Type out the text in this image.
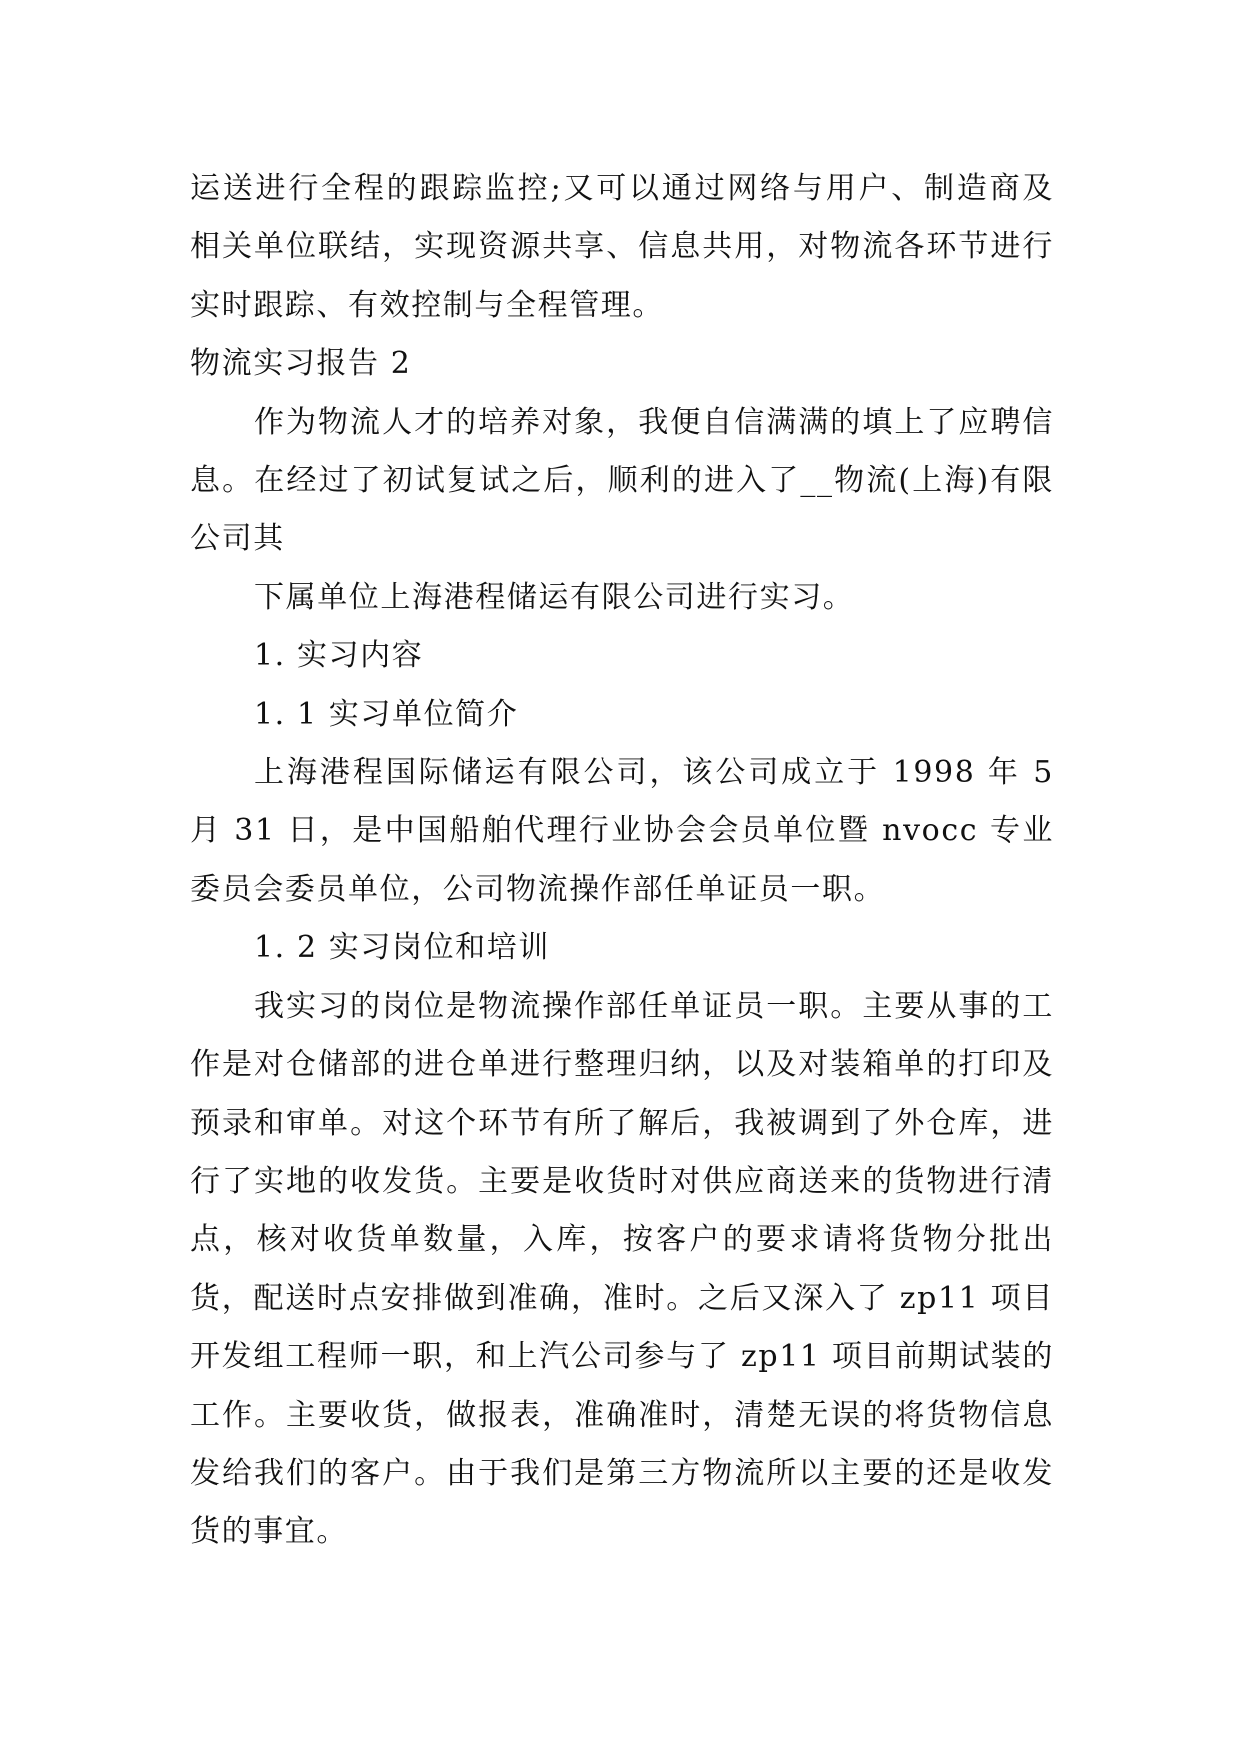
运送进行全程的跟踪监控;又可以通过网络与用户、制造商及相关单位联结，实现资源共享、信息共用，对物流各环节进行实时跟踪、有效控制与全程管理。

物流实习报告 2

作为物流人才的培养对象，我便自信满满的填上了应聘信息。在经过了初试复试之后，顺利的进入了__物流(上海)有限公司其

下属单位上海港程储运有限公司进行实习。

1. 实习内容

1. 1 实习单位简介

上海港程国际储运有限公司，该公司成立于 1998 年 5 月 31 日，是中国船舶代理行业协会会员单位暨 nvocc 专业委员会委员单位，公司物流操作部任单证员一职。

1. 2 实习岗位和培训

我实习的岗位是物流操作部任单证员一职。主要从事的工作是对仓储部的进仓单进行整理归纳，以及对装箱单的打印及预录和审单。对这个环节有所了解后，我被调到了外仓库，进行了实地的收发货。主要是收货时对供应商送来的货物进行清点，核对收货单数量，入库，按客户的要求请将货物分批出货，配送时点安排做到准确，准时。之后又深入了 zp11 项目开发组工程师一职，和上汽公司参与了 zp11 项目前期试装的工作。主要收货，做报表，准确准时，清楚无误的将货物信息发给我们的客户。由于我们是第三方物流所以主要的还是收发货的事宜。
